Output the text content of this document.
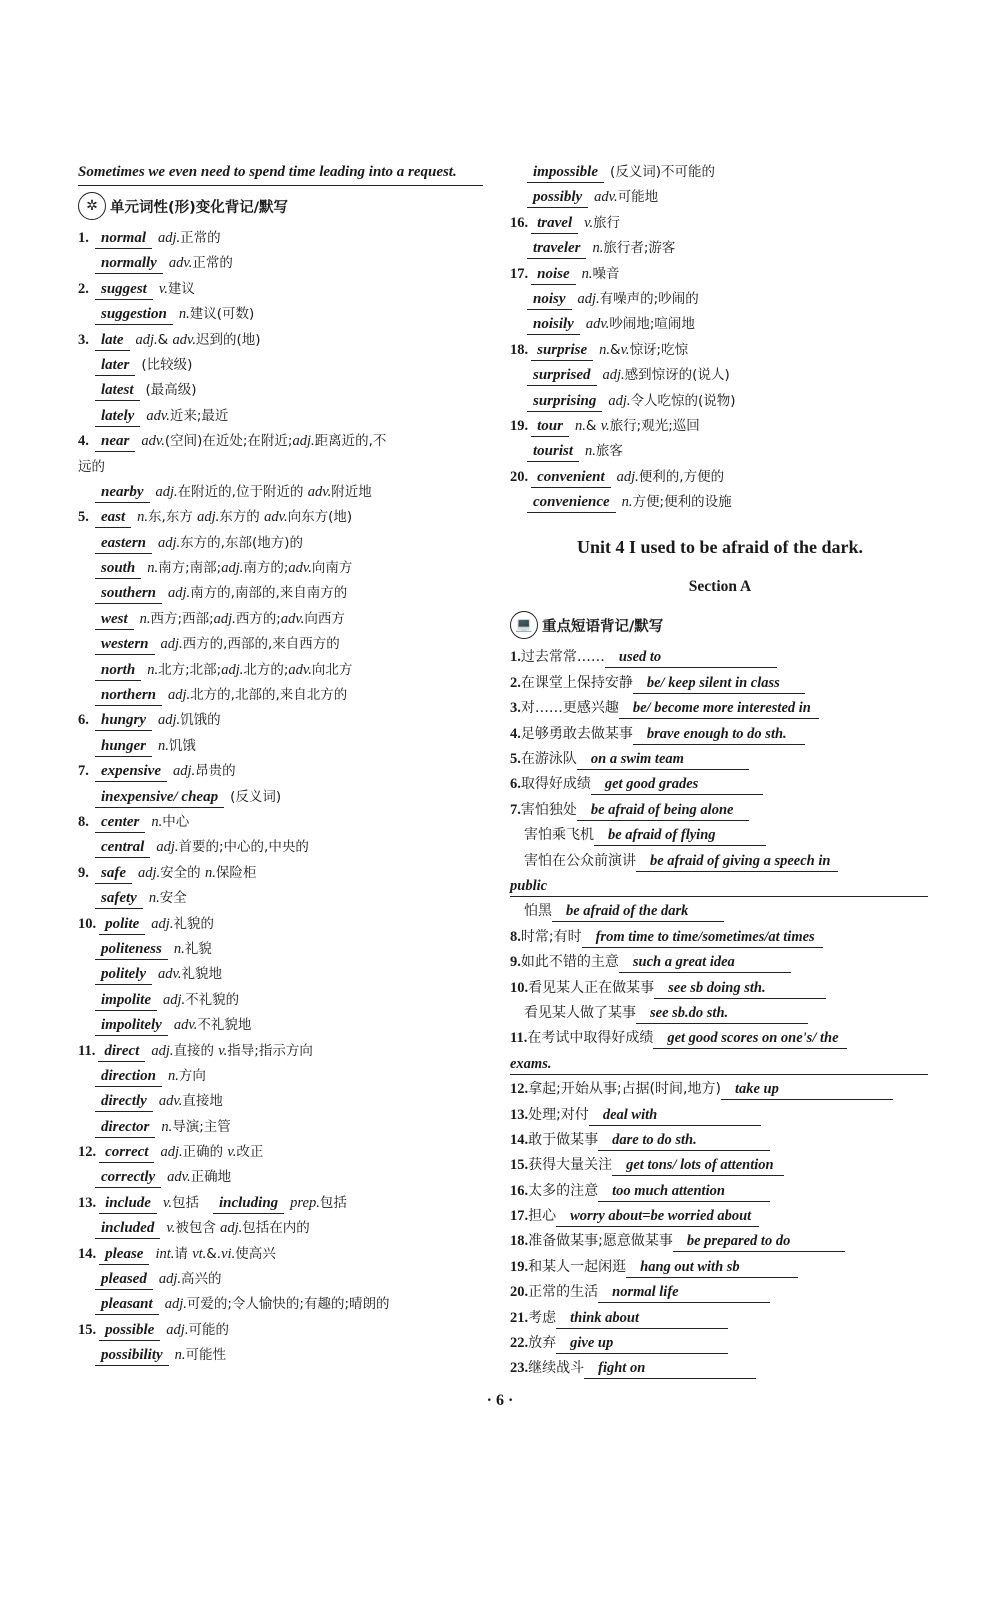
Sometimes we even need to spend time leading into a request.
✲ 单元词性(形)变化背记/默写
1. normal adj.正常的
normally adv.正常的
2. suggest v.建议
suggestion n.建议(可数)
3. late adj.& adv.迟到的(地)
later (比较级)
latest (最高级)
lately adv.近来;最近
4. near adv.(空间)在近处;在附近;adj.距离近的,不
远的
nearby adj.在附近的,位于附近的 adv.附近地
5. east n.东,东方 adj.东方的 adv.向东方(地)
eastern adj.东方的,东部(地方)的
south n.南方;南部;adj.南方的;adv.向南方
southern adj.南方的,南部的,来自南方的
west n.西方;西部;adj.西方的;adv.向西方
western adj.西方的,西部的,来自西方的
north n.北方;北部;adj.北方的;adv.向北方
northern adj.北方的,北部的,来自北方的
6. hungry adj.饥饿的
hunger n.饥饿
7. expensive adj.昂贵的
inexpensive/ cheap (反义词)
8. center n.中心
central adj.首要的;中心的,中央的
9. safe adj.安全的 n.保险柜
safety n.安全
10. polite adj.礼貌的
politeness n.礼貌
politely adv.礼貌地
impolite adj.不礼貌的
impolitely adv.不礼貌地
11. direct adj.直接的 v.指导;指示方向
direction n.方向
directly adv.直接地
director n.导演;主管
12. correct adj.正确的 v.改正
correctly adv.正确地
13. include v.包括 including prep.包括
included v.被包含 adj.包括在内的
14. please int.请 vt.&.vi.使高兴
pleased adj.高兴的
pleasant adj.可爱的;令人愉快的;有趣的;晴朗的
15. possible adj.可能的
possibility n.可能性
impossible (反义词)不可能的
possibly adv.可能地
16. travel v.旅行
traveler n.旅行者;游客
17. noise n.噪音
noisy adj.有噪声的;吵闹的
noisily adv.吵闹地;喧闹地
18. surprise n.&v.惊讶;吃惊
surprised adj.感到惊讶的(说人)
surprising adj.令人吃惊的(说物)
19. tour n.& v.旅行;观光;巡回
tourist n.旅客
20. convenient adj.便利的,方便的
convenience n.方便;便利的设施
Unit 4 I used to be afraid of the dark.
Section A
💻 重点短语背记/默写
1.过去常常…… used to
2.在课堂上保持安静 be/ keep silent in class
3.对……更感兴趣 be/ become more interested in
4.足够勇敢去做某事 brave enough to do sth.
5.在游泳队 on a swim team
6.取得好成绩 get good grades
7.害怕独处 be afraid of being alone
害怕乘飞机 be afraid of flying
害怕在公众前演讲 be afraid of giving a speech in
public
怕黑 be afraid of the dark
8.时常;有时 from time to time/sometimes/at times
9.如此不错的主意 such a great idea
10.看见某人正在做某事 see sb doing sth.
看见某人做了某事 see sb.do sth.
11.在考试中取得好成绩 get good scores on one's/ the
exams.
12.拿起;开始从事;占据(时间,地方) take up
13.处理;对付 deal with
14.敢于做某事 dare to do sth.
15.获得大量关注 get tons/ lots of attention
16.太多的注意 too much attention
17.担心 worry about=be worried about
18.准备做某事;愿意做某事 be prepared to do
19.和某人一起闲逛 hang out with sb
20.正常的生活 normal life
21.考虑 think about
22.放弃 give up
23.继续战斗 fight on
· 6 ·
